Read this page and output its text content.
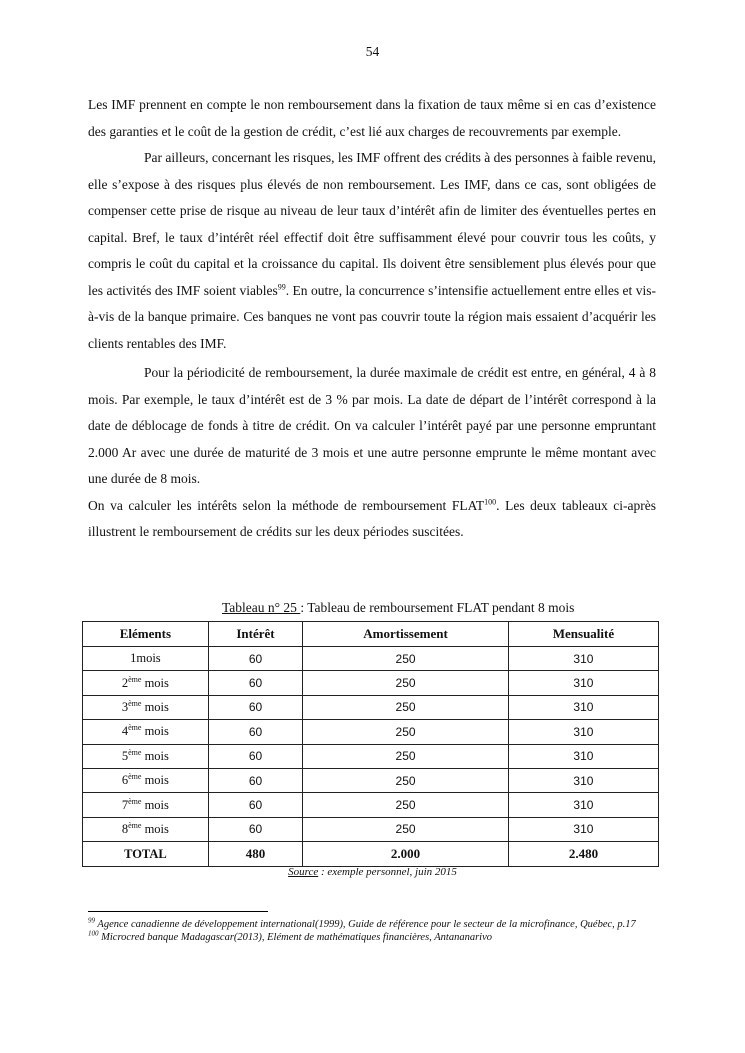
54

Les IMF prennent en compte le non remboursement dans la fixation de taux même si en cas d’existence des garanties et le coût de la gestion de crédit, c’est lié aux charges de recouvrements par exemple.

Par ailleurs, concernant les risques, les IMF offrent des crédits à des personnes à faible revenu, elle s’expose à des risques plus élevés de non remboursement. Les IMF, dans ce cas, sont obligées de compenser cette prise de risque au niveau de leur taux d’intérêt afin de limiter des éventuelles pertes en capital. Bref, le taux d’intérêt réel effectif doit être suffisamment élevé pour couvrir tous les coûts, y compris le coût du capital et la croissance du capital. Ils doivent être sensiblement plus élevés pour que les activités des IMF soient viables$^{99}$. En outre, la concurrence s’intensifie actuellement entre elles et vis-à-vis de la banque primaire. Ces banques ne vont pas couvrir toute la région mais essaient d’acquérir les clients rentables des IMF.

Pour la périodicité de remboursement, la durée maximale de crédit est entre, en général, 4 à 8 mois. Par exemple, le taux d’intérêt est de 3 % par mois. La date de départ de l’intérêt correspond à la date de déblocage de fonds à titre de crédit. On va calculer l’intérêt payé par une personne empruntant 2.000 Ar avec une durée de maturité de 3 mois et une autre personne emprunte le même montant avec une durée de 8 mois.

On va calculer les intérêts selon la méthode de remboursement FLAT$^{100}$. Les deux tableaux ci-après illustrent le remboursement de crédits sur les deux périodes suscitées.

Tableau n° 25 : Tableau de remboursement FLAT pendant 8 mois
Eléments	Intérêt	Amortissement	Mensualité
1mois	60	250	310
2ème mois	60	250	310
3ème mois	60	250	310
4ème mois	60	250	310
5ème mois	60	250	310
6ème mois	60	250	310
7ème mois	60	250	310
8ème mois	60	250	310
TOTAL	480	2.000	2.480
Source : exemple personnel, juin 2015

$^{99}$ Agence canadienne de développement international(1999), Guide de référence pour le secteur de la microfinance, Québec, p.17

$^{100}$ Microcred banque Madagascar(2013), Elément de mathématiques financières, Antananarivo
